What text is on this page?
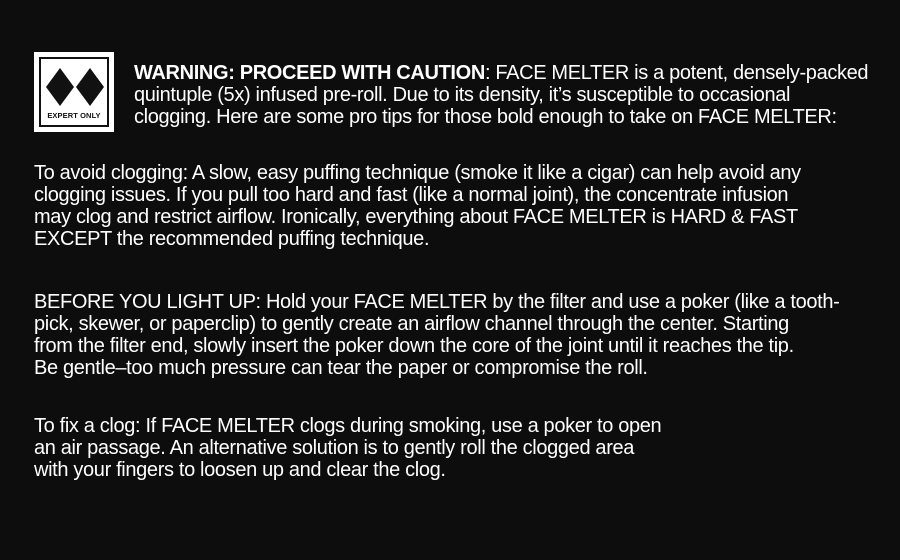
EXPERT ONLY
WARNING: PROCEED WITH CAUTION: FACE MELTER is a potent, densely-packed
quintuple (5x) infused pre-roll. Due to its density, it’s susceptible to occasional
clogging. Here are some pro tips for those bold enough to take on FACE MELTER:
To avoid clogging: A slow, easy puffing technique (smoke it like a cigar) can help avoid any
clogging issues. If you pull too hard and fast (like a normal joint), the concentrate infusion
may clog and restrict airflow. Ironically, everything about FACE MELTER is HARD & FAST
EXCEPT the recommended puffing technique.
BEFORE YOU LIGHT UP: Hold your FACE MELTER by the filter and use a poker (like a tooth-
pick, skewer, or paperclip) to gently create an airflow channel through the center. Starting
from the filter end, slowly insert the poker down the core of the joint until it reaches the tip.
Be gentle–too much pressure can tear the paper or compromise the roll.
To fix a clog: If FACE MELTER clogs during smoking, use a poker to open
an air passage. An alternative solution is to gently roll the clogged area
with your fingers to loosen up and clear the clog.
